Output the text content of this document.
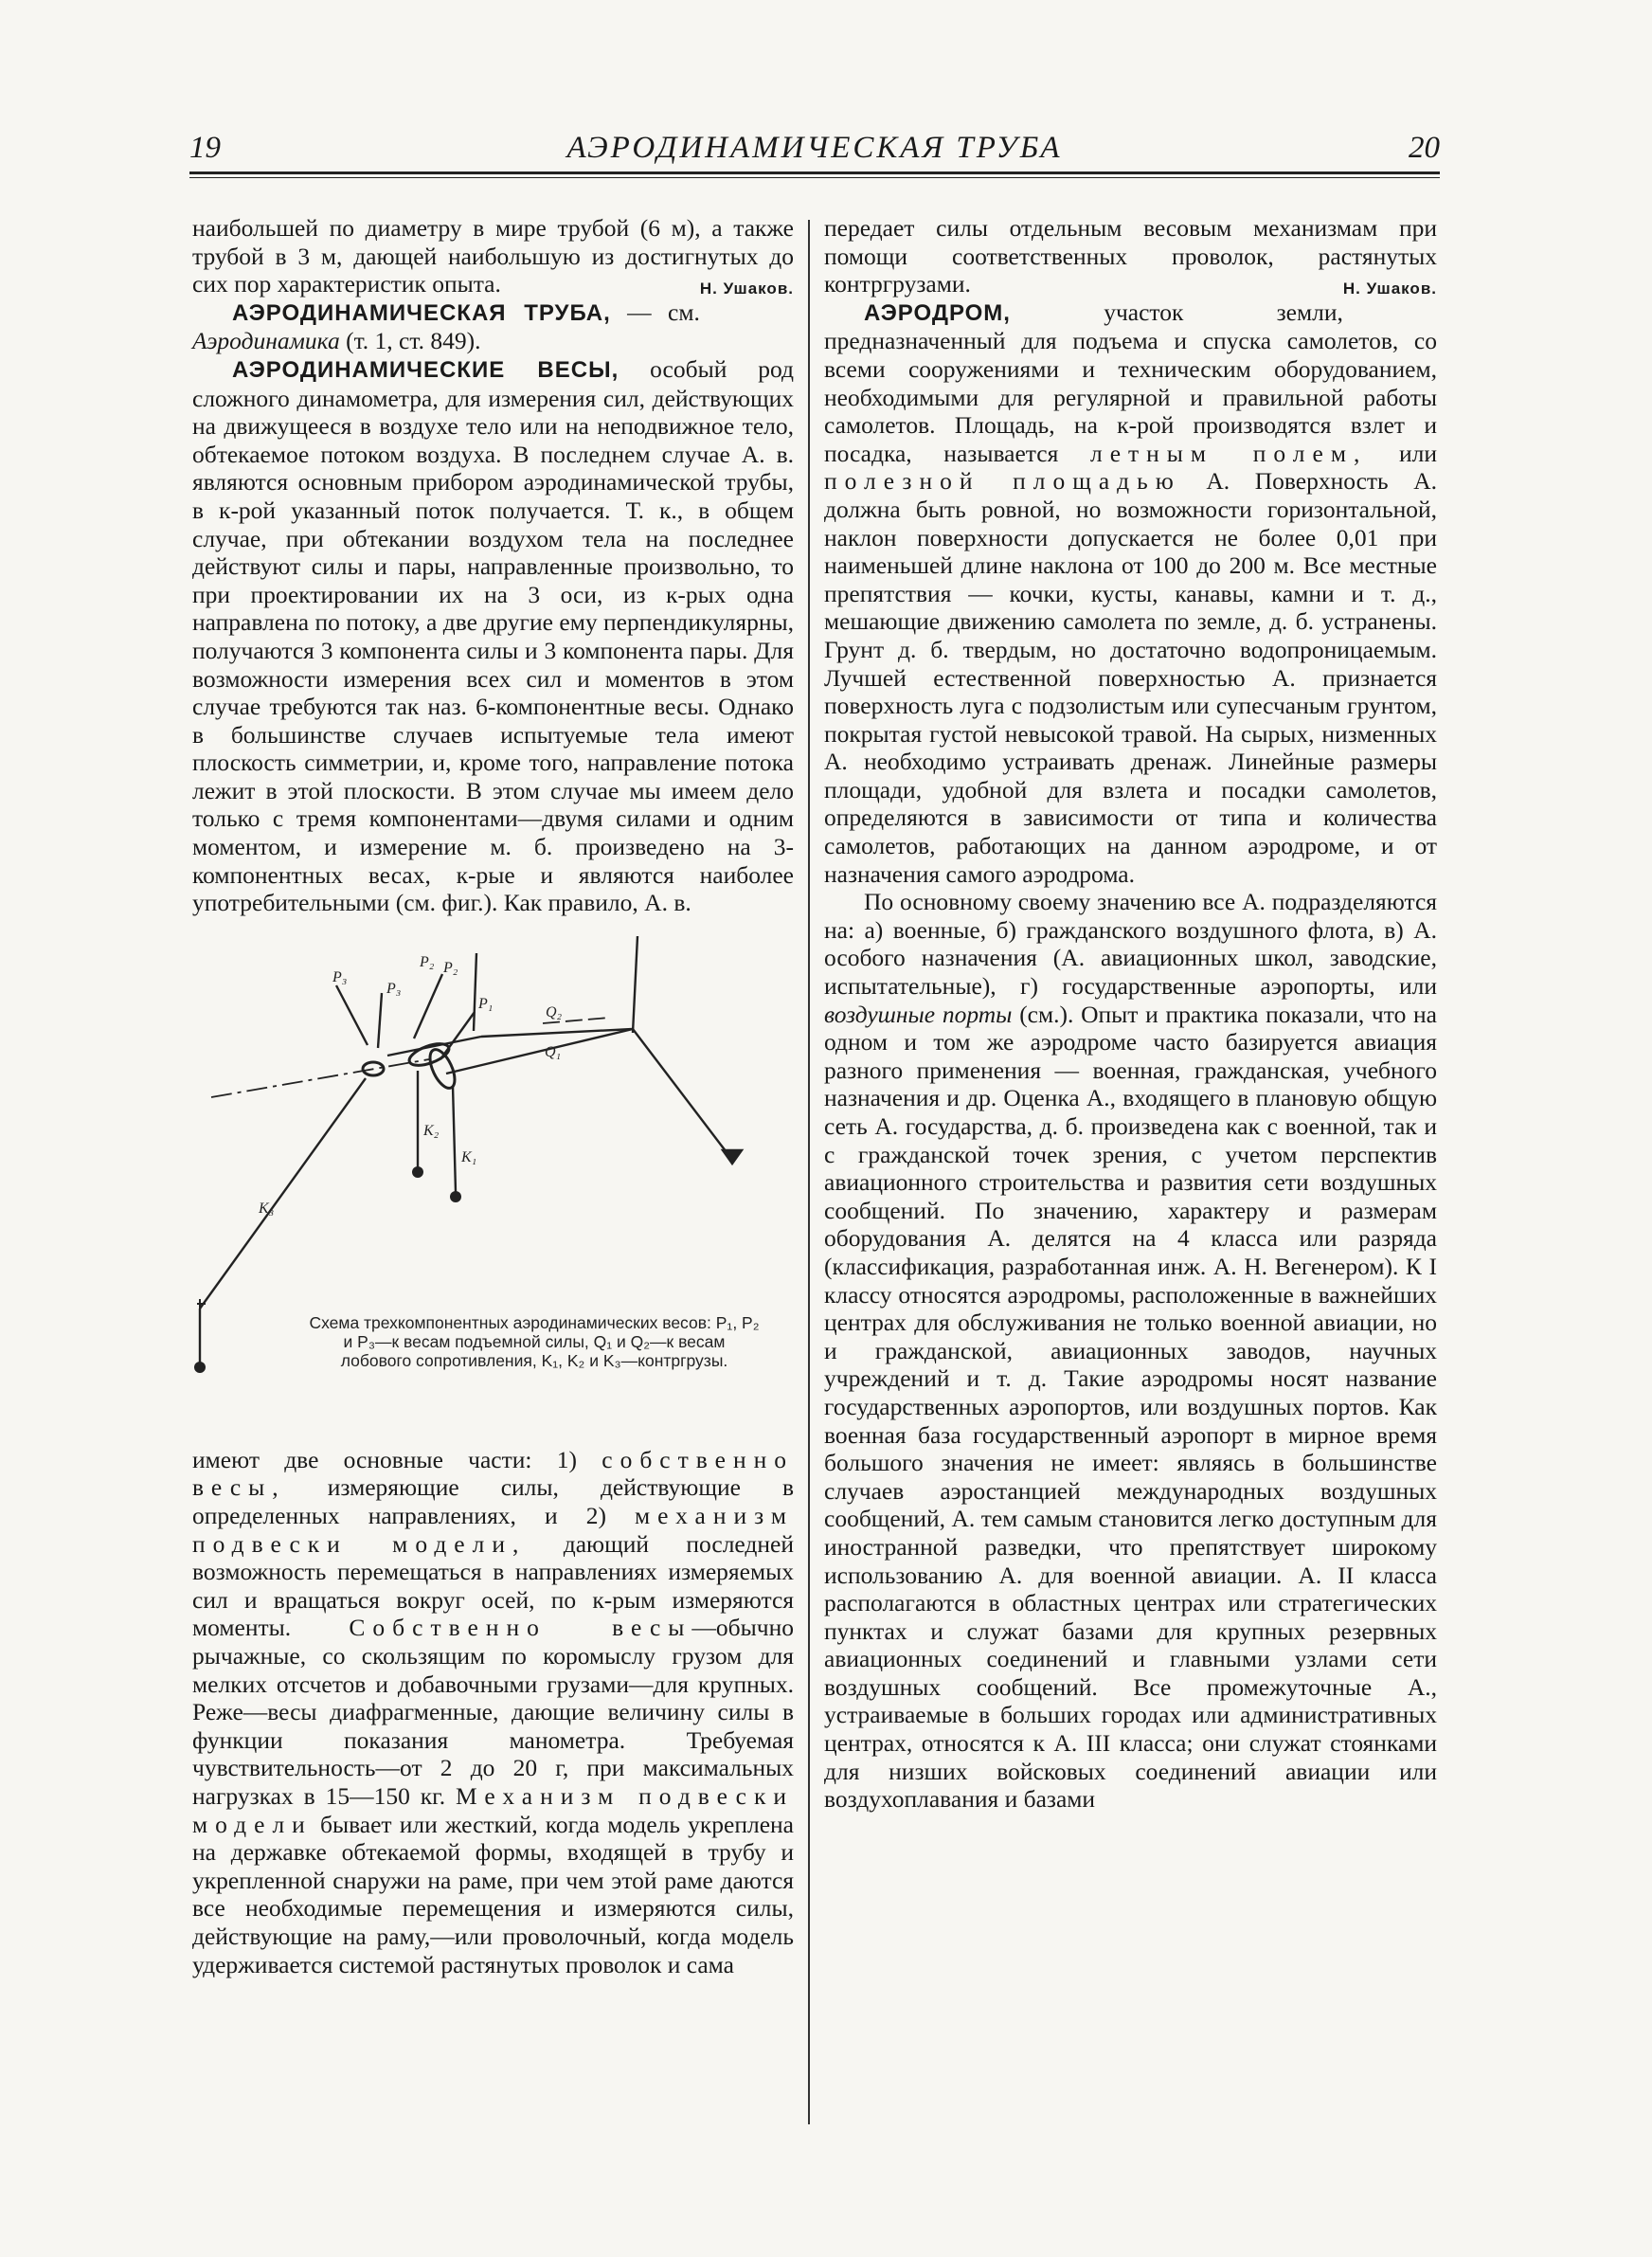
19	АЭРОДИНАМИЧЕСКАЯ ТРУБА	20

наибольшей по диаметру в мире трубой (6 м), а также трубой в 3 м, дающей наибольшую из достигнутых до сих пор характеристик опыта.	Н. Ушаков.

АЭРОДИНАМИЧЕСКАЯ ТРУБА, — см. Аэродинамика (т. 1, ст. 849).

АЭРОДИНАМИЧЕСКИЕ ВЕСЫ, особый род сложного динамометра, для измерения сил, действующих на движущееся в воздухе тело или на неподвижное тело, обтекаемое потоком воздуха. В последнем случае А. в. являются основным прибором аэродинамической трубы, в к-рой указанный поток получается. Т. к., в общем случае, при обтекании воздухом тела на последнее действуют силы и пары, направленные произвольно, то при проектировании их на 3 оси, из к-рых одна направлена по потоку, а две другие ему перпендикулярны, получаются 3 компонента силы и 3 компонента пары. Для возможности измерения всех сил и моментов в этом случае требуются так наз. 6-компонентные весы. Однако в большинстве случаев испытуемые тела имеют плоскость симметрии, и, кроме того, направление потока лежит в этой плоскости. В этом случае мы имеем дело только с тремя компонентами—двумя силами и одним моментом, и измерение м. б. произведено на 3-компонентных весах, к-рые и являются наиболее употребительными (см. фиг.). Как правило, А. в.

P₃
P₃
P₂ P₂
P₁
Q₂
Q₁
K₂
K₁
K₃
Схема трехкомпонентных аэродинамических весов: P₁, P₂ и P₃—к весам подъемной силы, Q₁ и Q₂—к весам лобового сопротивления, K₁, K₂ и K₃—контргрузы.

имеют две основные части: 1) собственно весы, измеряющие силы, действующие в определенных направлениях, и 2) механизм подвески модели, дающий последней возможность перемещаться в направлениях измеряемых сил и вращаться вокруг осей, по к-рым измеряются моменты. Собственно весы—обычно рычажные, со скользящим по коромыслу грузом для мелких отсчетов и добавочными грузами—для крупных. Реже—весы диафрагменные, дающие величину силы в функции показания манометра. Требуемая чувствительность—от 2 до 20 г, при максимальных нагрузках в 15—150 кг. Механизм подвески модели бывает или жесткий, когда модель укреплена на державке обтекаемой формы, входящей в трубу и укрепленной снаружи на раме, при чем этой раме даются все необходимые перемещения и измеряются силы, действующие на раму,—или проволочный, когда модель удерживается системой растянутых проволок и сама

передает силы отдельным весовым механизмам при помощи соответственных проволок, растянутых контргрузами.	Н. Ушаков.

АЭРОДРОМ,	участок земли, предназначенный для подъема и спуска самолетов, со всеми сооружениями и техническим оборудованием, необходимыми для регулярной и правильной работы самолетов. Площадь, на к-рой производятся взлет и посадка, называется летным полем, или полезной площадью А. Поверхность А. должна быть ровной, но возможности горизонтальной, наклон поверхности допускается не более 0,01 при наименьшей длине наклона от 100 до 200 м. Все местные препятствия — кочки, кусты, канавы, камни и т. д., мешающие движению самолета по земле, д. б. устранены. Грунт д. б. твердым, но достаточно водопроницаемым. Лучшей естественной поверхностью А. признается поверхность луга с подзолистым или супесчаным грунтом, покрытая густой невысокой травой. На сырых, низменных А. необходимо устраивать дренаж. Линейные размеры площади, удобной для взлета и посадки самолетов, определяются в зависимости от типа и количества самолетов, работающих на данном аэродроме, и от назначения самого аэродрома.

По основному своему значению все А. подразделяются на: а) военные, б) гражданского воздушного флота, в) А. особого назначения (А. авиационных школ, заводские, испытательные), г) государственные аэропорты, или воздушные порты (см.). Опыт и практика показали, что на одном и том же аэродроме часто базируется авиация разного применения — военная, гражданская, учебного назначения и др. Оценка А., входящего в плановую общую сеть А. государства, д. б. произведена как с военной, так и с гражданской точек зрения, с учетом перспектив авиационного строительства и развития сети воздушных сообщений. По значению, характеру и размерам оборудования А. делятся на 4 класса или разряда (классификация, разработанная инж. А. Н. Вегенером). К I классу относятся аэродромы, расположенные в важнейших центрах для обслуживания не только военной авиации, но и гражданской, авиационных заводов, научных учреждений и т. д. Такие аэродромы носят название государственных аэропортов, или воздушных портов. Как военная база государственный аэропорт в мирное время большого значения не имеет: являясь в большинстве случаев аэростанцией международных воздушных сообщений, А. тем самым становится легко доступным для иностранной разведки, что препятствует широкому использованию А. для военной авиации. А. II класса располагаются в областных центрах или стратегических пунктах и служат базами для крупных резервных авиационных соединений и главными узлами сети воздушных сообщений. Все промежуточные А., устраиваемые в больших городах или административных центрах, относятся к А. III класса; они служат стоянками для низших войсковых соединений авиации или воздухоплавания и базами
